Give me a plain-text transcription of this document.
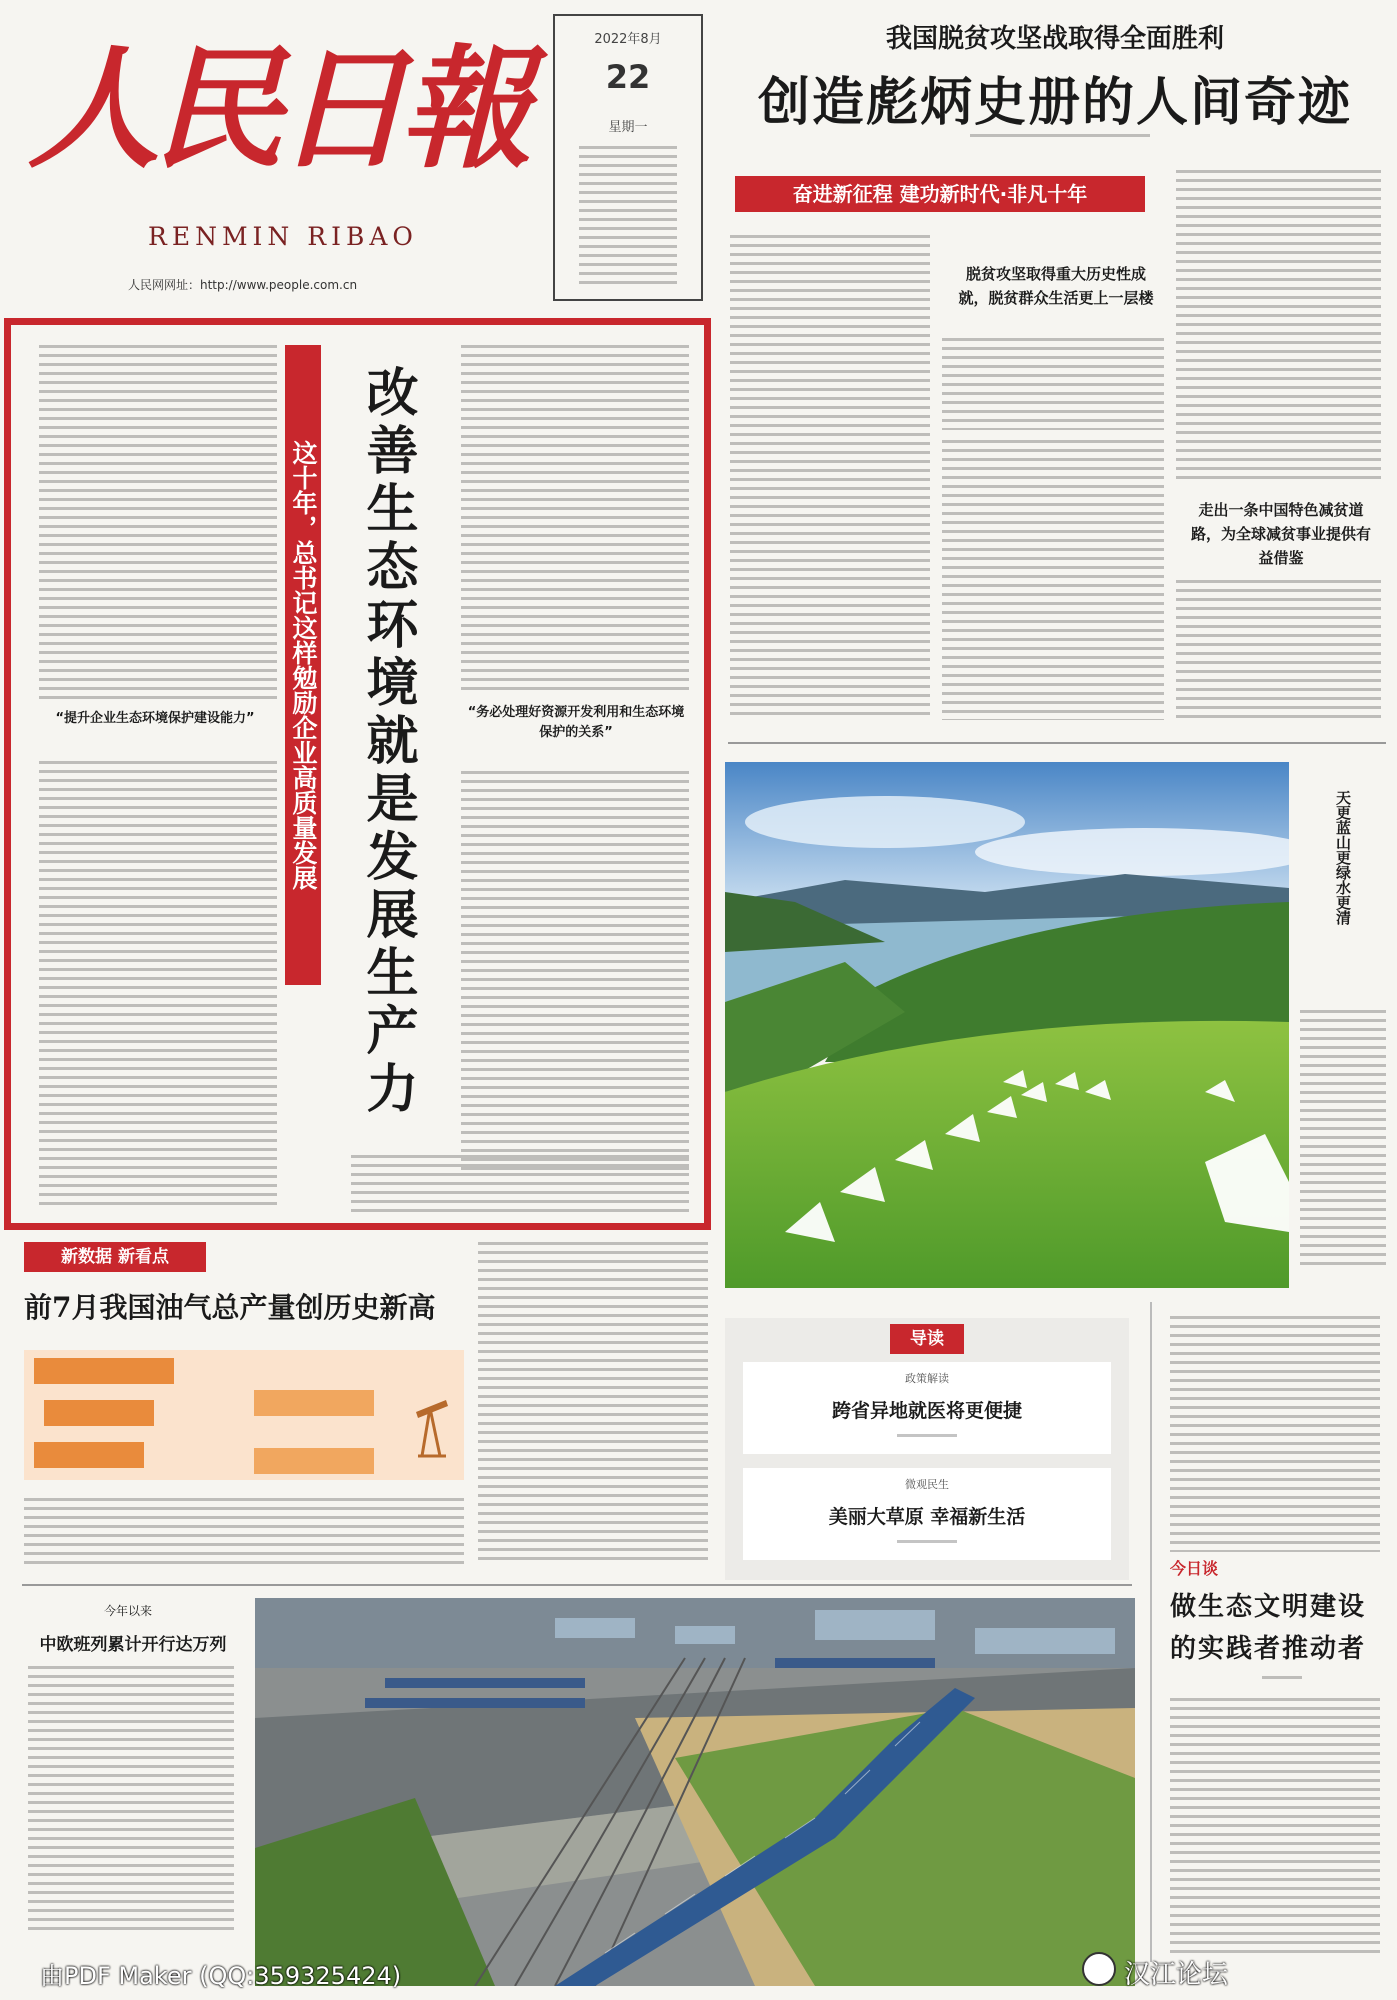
人民日報
RENMIN RIBAO
人民网网址：http://www.people.com.cn
2022年8月
22
星期一
我国脱贫攻坚战取得全面胜利
创造彪炳史册的人间奇迹
奋进新征程 建功新时代·非凡十年
脱贫攻坚取得重大历史性成就，脱贫群众生活更上一层楼
走出一条中国特色减贫道路，为全球减贫事业提供有益借鉴
“提升企业生态环境保护建设能力”	这十年，总书记这样勉励企业高质量发展 改善生态环境就是发展生产力	“务必处理好资源开发利用和生态环境保护的关系”
天更蓝山更绿水更清
新数据 新看点
前7月我国油气总产量创历史新高
导读
政策解读
跨省异地就医将更便捷
微观民生
美丽大草原 幸福新生活
今日谈
做生态文明建设的实践者推动者
今年以来
中欧班列累计开行达万列
由PDF Maker (QQ:359325424)	汉江论坛
